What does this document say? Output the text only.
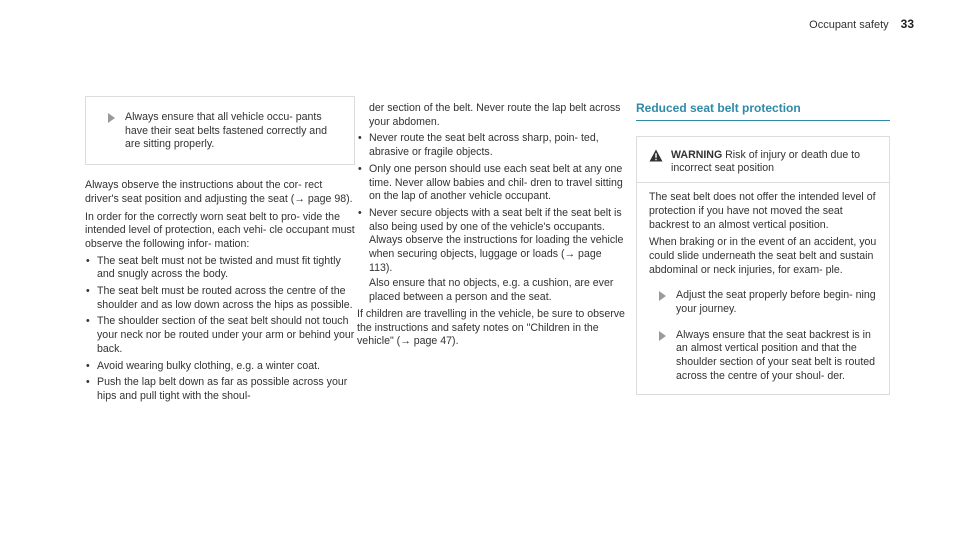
Occupant safety 33

Always ensure that all vehicle occu- pants have their seat belts fastened correctly and are sitting properly.

Always observe the instructions about the cor- rect driver's seat position and adjusting the seat (→ page 98).

In order for the correctly worn seat belt to pro- vide the intended level of protection, each vehi- cle occupant must observe the following infor- mation:

• The seat belt must not be twisted and must fit tightly and snugly across the body.
• The seat belt must be routed across the centre of the shoulder and as low down across the hips as possible.
• The shoulder section of the seat belt should not touch your neck nor be routed under your arm or behind your back.
• Avoid wearing bulky clothing, e.g. a winter coat.
• Push the lap belt down as far as possible across your hips and pull tight with the shoul-

der section of the belt. Never route the lap belt across your abdomen.

• Never route the seat belt across sharp, poin- ted, abrasive or fragile objects.
• Only one person should use each seat belt at any one time. Never allow babies and chil- dren to travel sitting on the lap of another vehicle occupant.
• Never secure objects with a seat belt if the seat belt is also being used by one of the vehicle's occupants. Always observe the instructions for loading the vehicle when securing objects, luggage or loads (→ page 113).

Also ensure that no objects, e.g. a cushion, are ever placed between a person and the seat.

If children are travelling in the vehicle, be sure to observe the instructions and safety notes on "Children in the vehicle" (→ page 47).

Reduced seat belt protection

WARNING Risk of injury or death due to incorrect seat position

The seat belt does not offer the intended level of protection if you have not moved the seat backrest to an almost vertical position.

When braking or in the event of an accident, you could slide underneath the seat belt and sustain abdominal or neck injuries, for exam- ple.

Adjust the seat properly before begin- ning your journey.

Always ensure that the seat backrest is in an almost vertical position and that the shoulder section of your seat belt is routed across the centre of your shoul- der.
